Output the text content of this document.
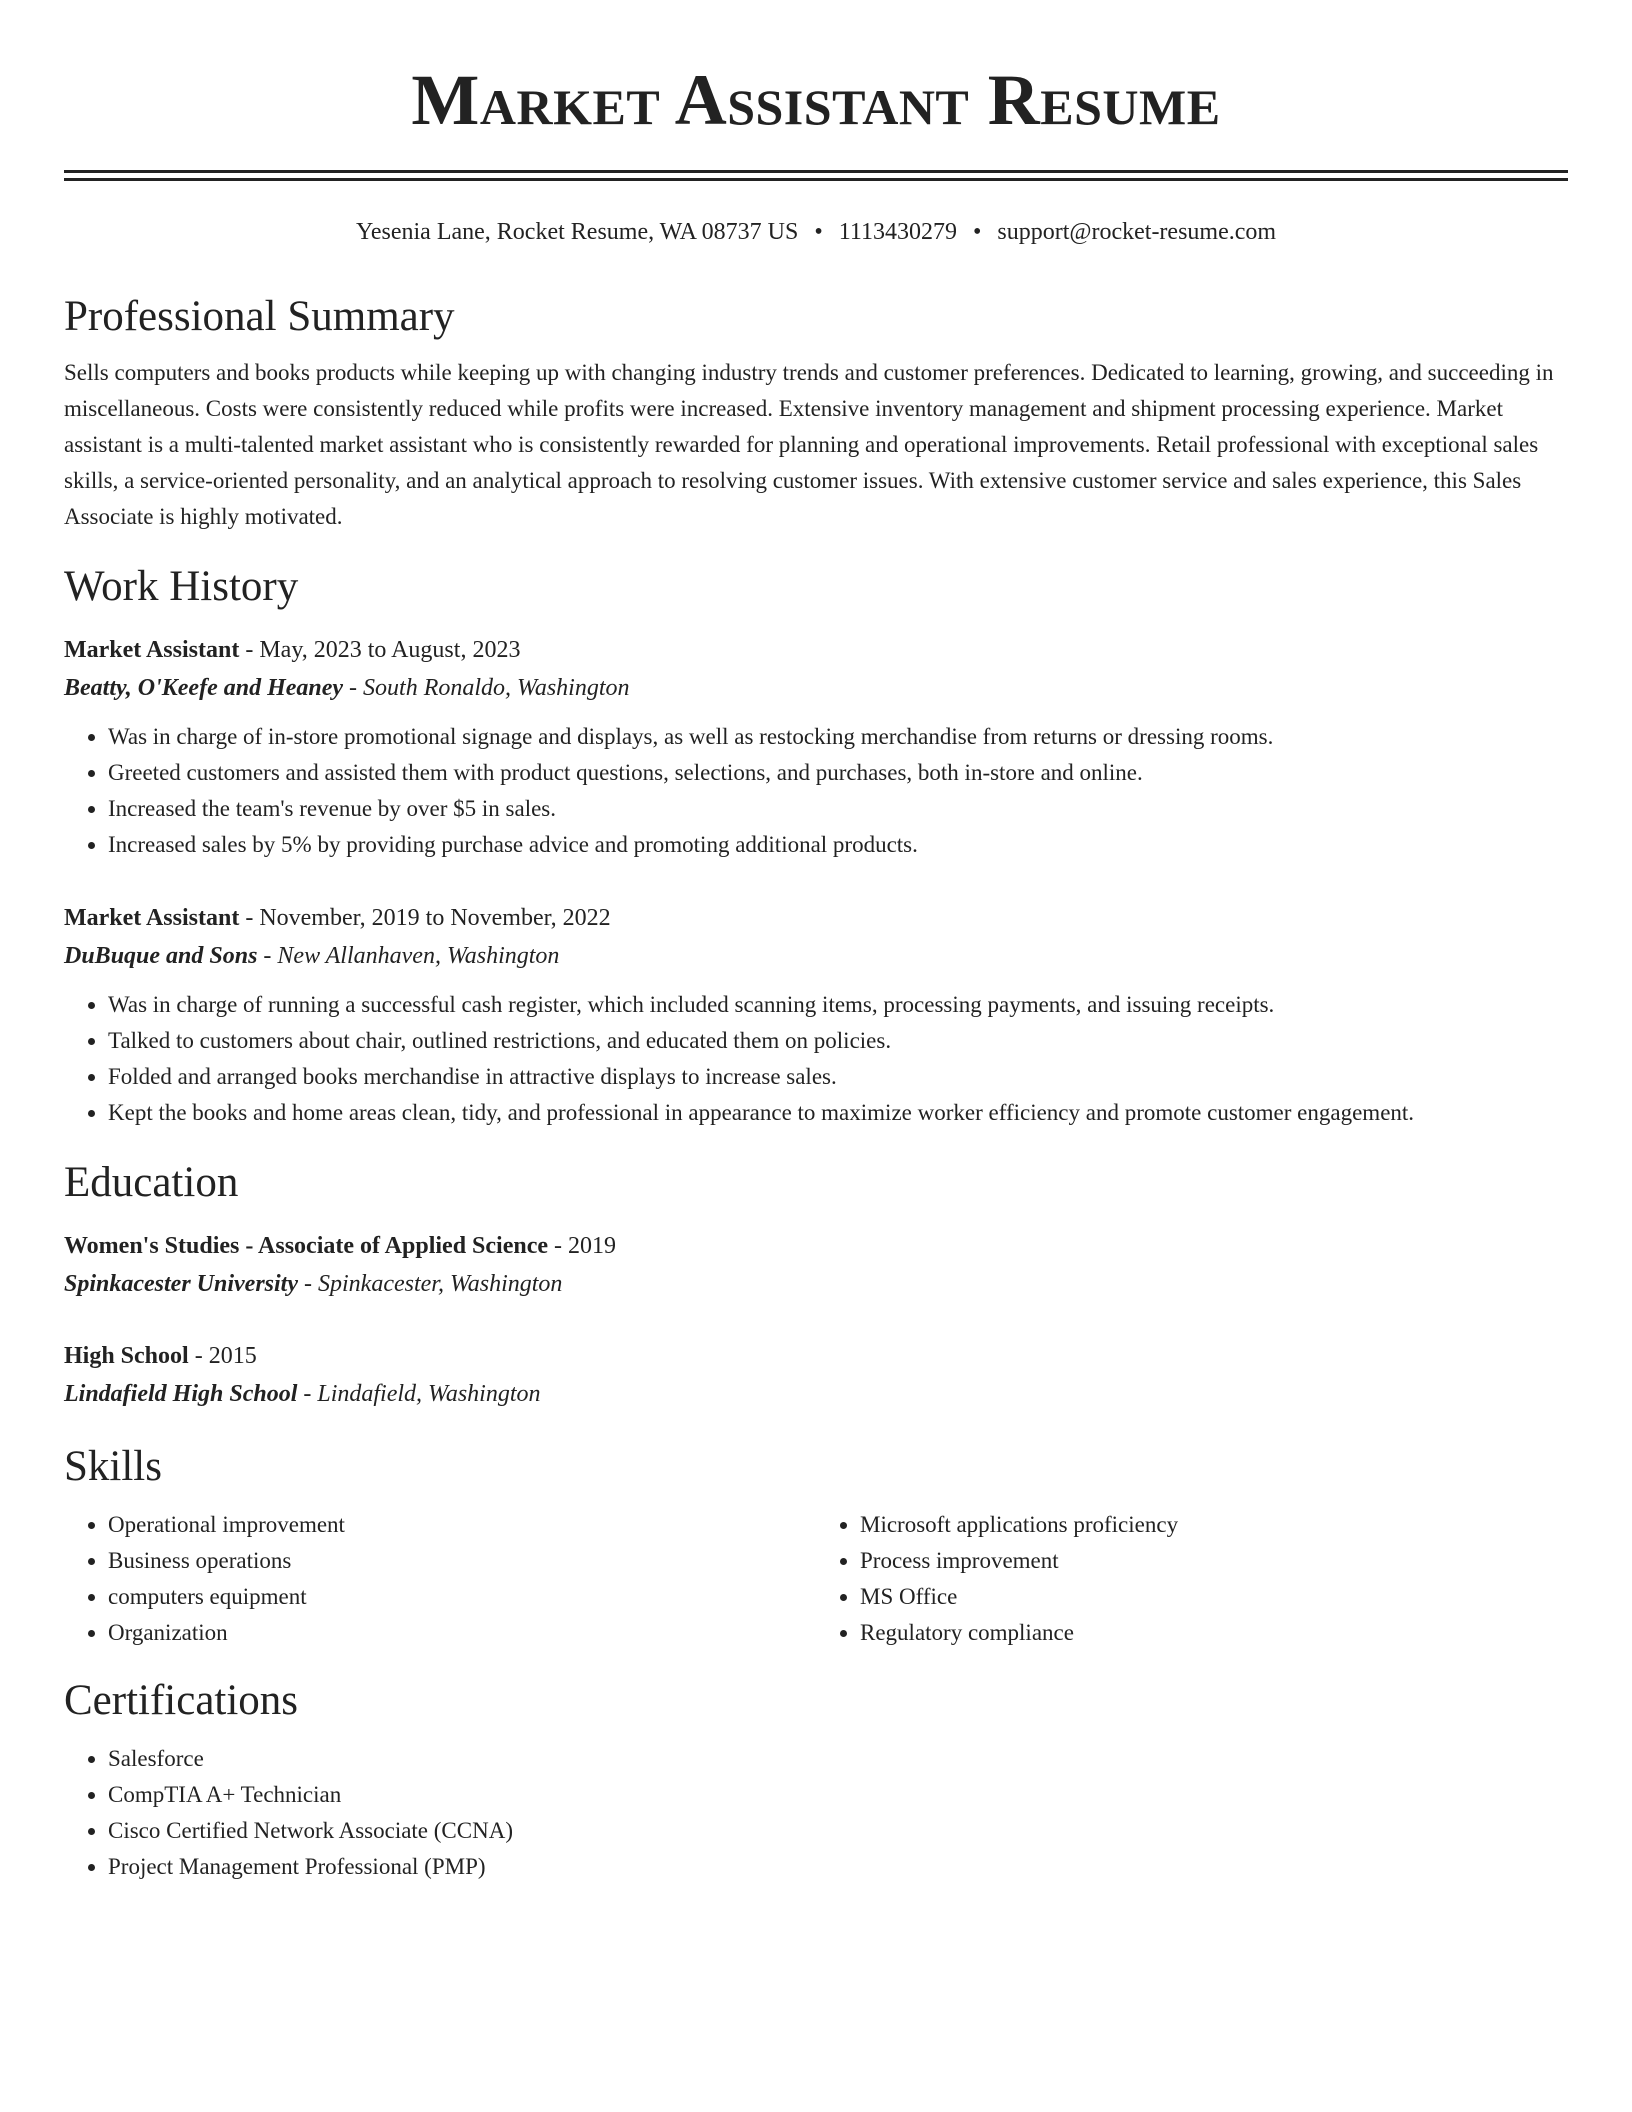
Market Assistant Resume
Yesenia Lane, Rocket Resume, WA 08737 US • 1113430279 • support@rocket-resume.com
Professional Summary
Sells computers and books products while keeping up with changing industry trends and customer preferences. Dedicated to learning, growing, and succeeding in miscellaneous. Costs were consistently reduced while profits were increased. Extensive inventory management and shipment processing experience. Market assistant is a multi-talented market assistant who is consistently rewarded for planning and operational improvements. Retail professional with exceptional sales skills, a service-oriented personality, and an analytical approach to resolving customer issues. With extensive customer service and sales experience, this Sales Associate is highly motivated.
Work History
Market Assistant - May, 2023 to August, 2023
Beatty, O'Keefe and Heaney - South Ronaldo, Washington
• Was in charge of in-store promotional signage and displays, as well as restocking merchandise from returns or dressing rooms.
• Greeted customers and assisted them with product questions, selections, and purchases, both in-store and online.
• Increased the team's revenue by over $5 in sales.
• Increased sales by 5% by providing purchase advice and promoting additional products.
Market Assistant - November, 2019 to November, 2022
DuBuque and Sons - New Allanhaven, Washington
• Was in charge of running a successful cash register, which included scanning items, processing payments, and issuing receipts.
• Talked to customers about chair, outlined restrictions, and educated them on policies.
• Folded and arranged books merchandise in attractive displays to increase sales.
• Kept the books and home areas clean, tidy, and professional in appearance to maximize worker efficiency and promote customer engagement.
Education
Women's Studies - Associate of Applied Science - 2019
Spinkacester University - Spinkacester, Washington
High School - 2015
Lindafield High School - Lindafield, Washington
Skills
• Operational improvement
• Business operations
• computers equipment
• Organization
• Microsoft applications proficiency
• Process improvement
• MS Office
• Regulatory compliance
Certifications
• Salesforce
• CompTIA A+ Technician
• Cisco Certified Network Associate (CCNA)
• Project Management Professional (PMP)
